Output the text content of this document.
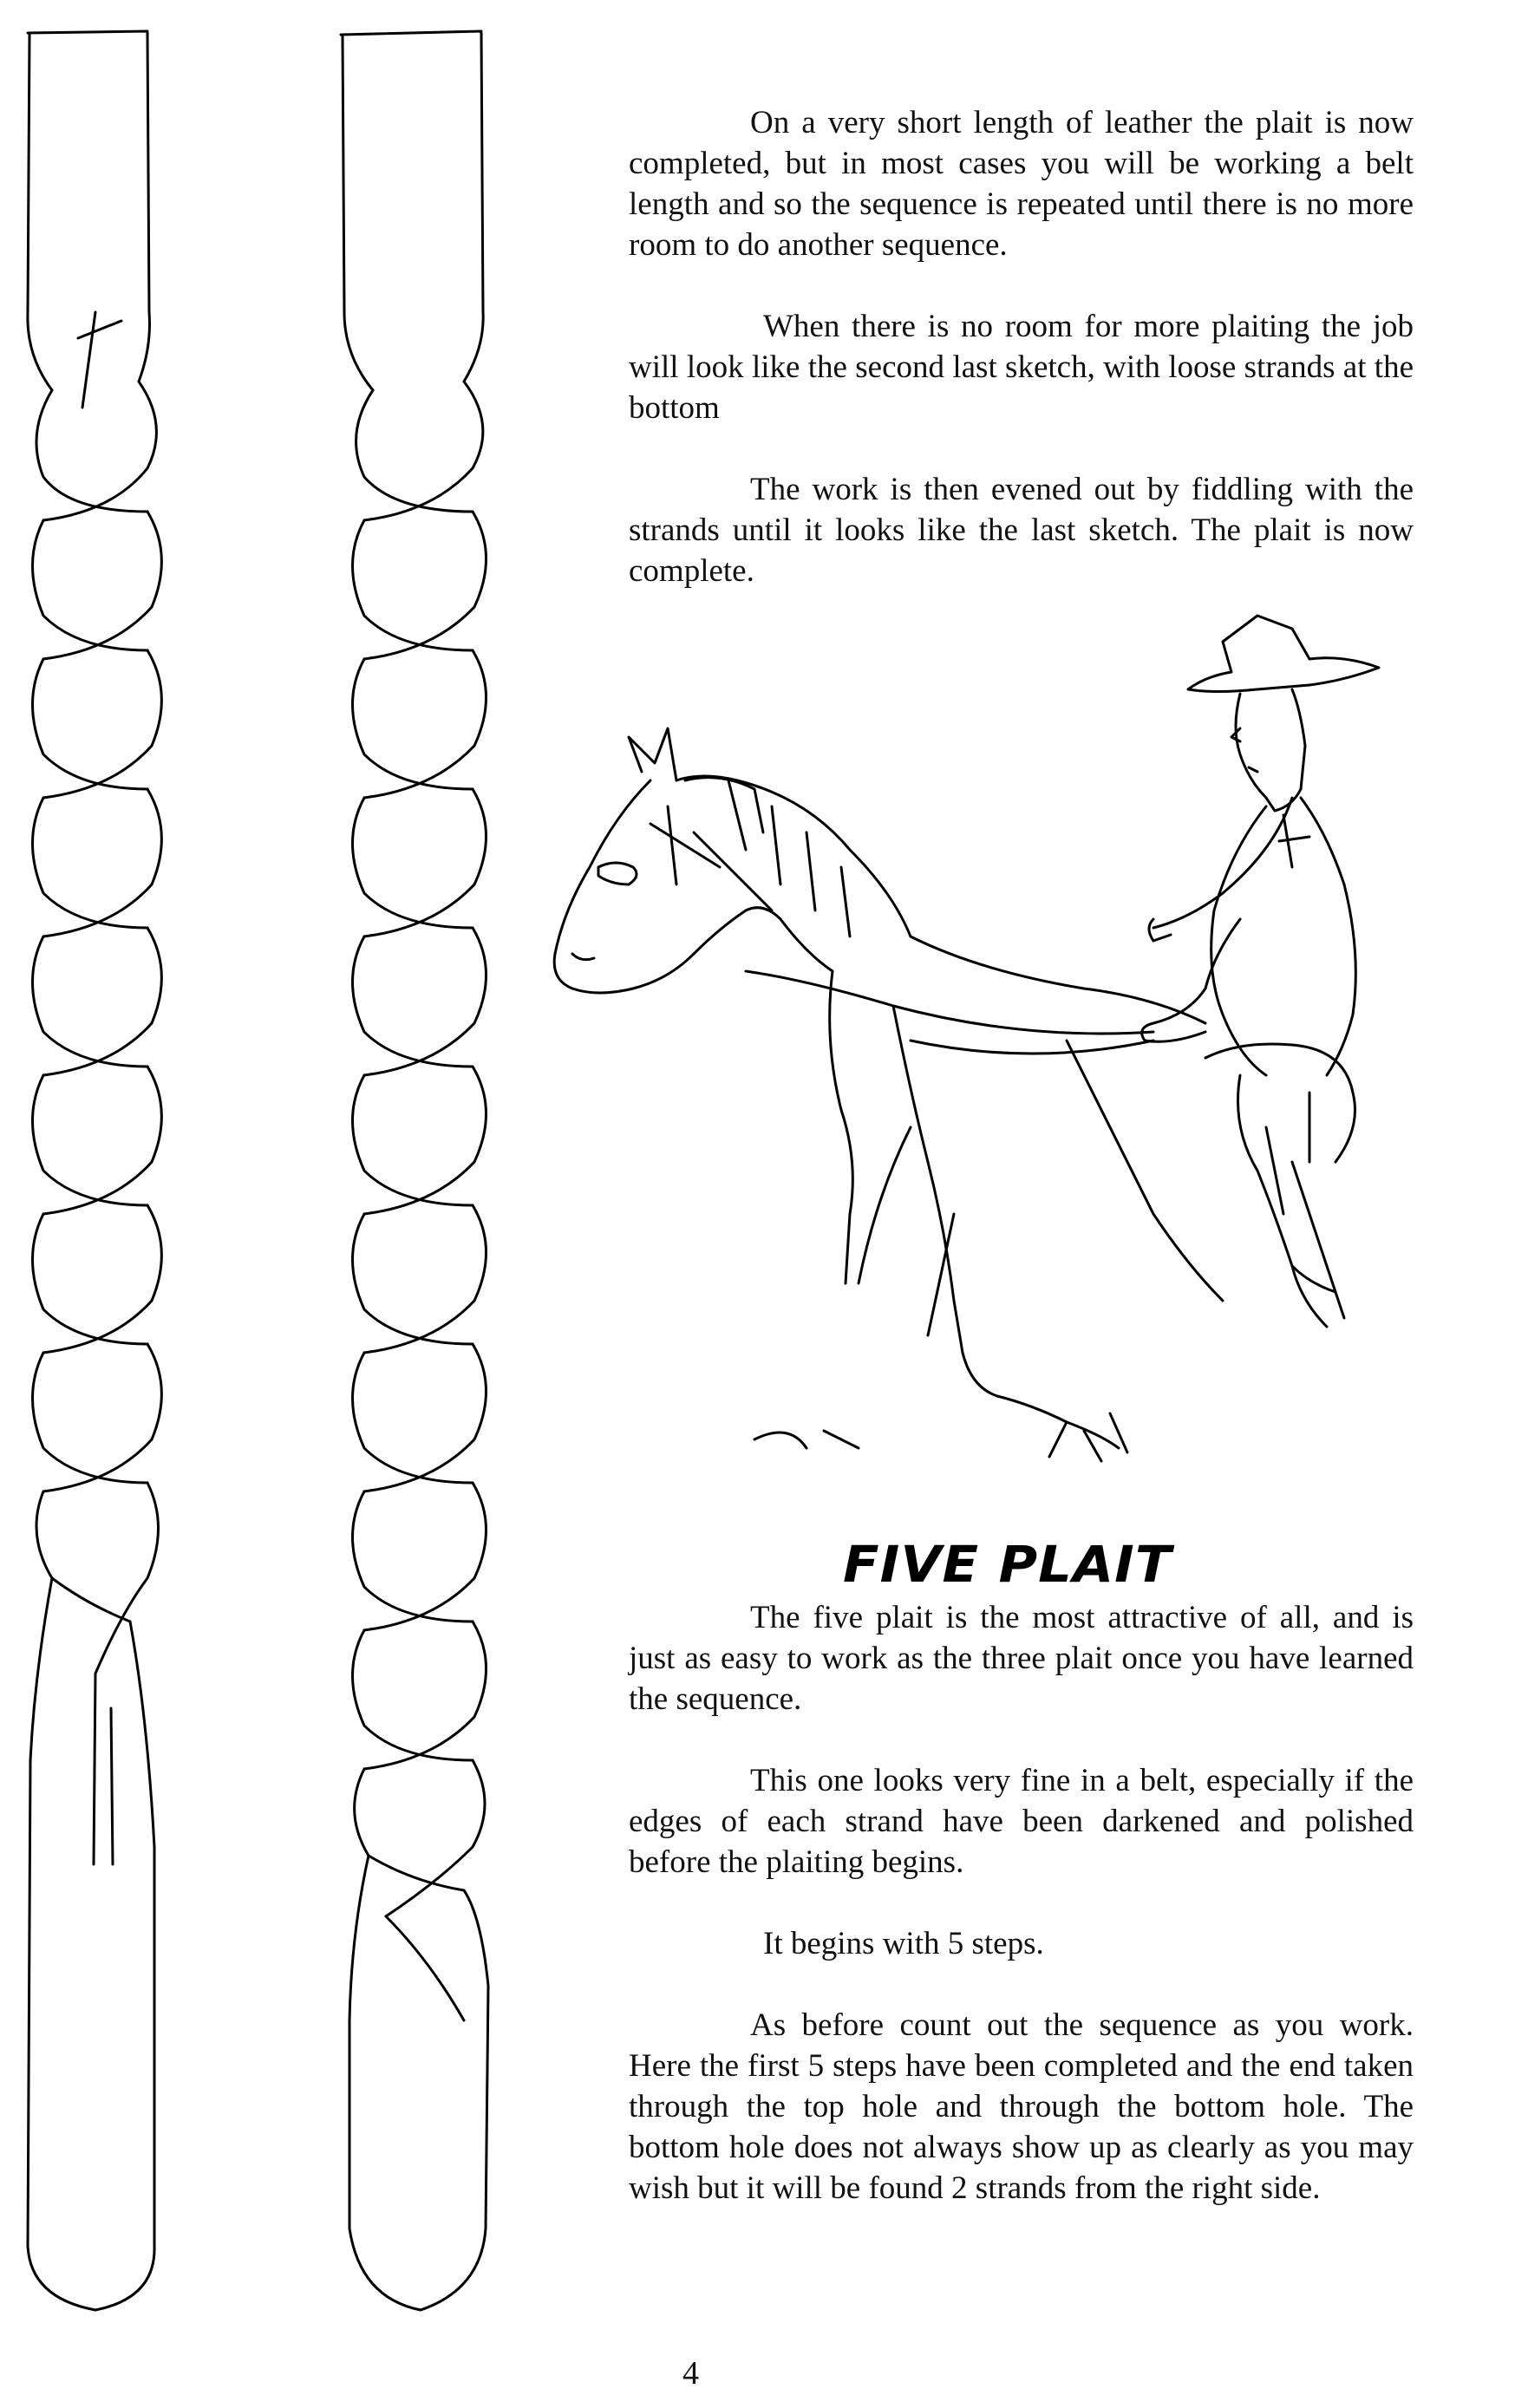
On a very short length of leather the plait is now completed, but in most cases you will be working a belt length and so the sequence is repeated until there is no more room to do another sequence.

When there is no room for more plaiting the job will look like the second last sketch, with loose strands at the bottom

The work is then evened out by fiddling with the strands until it looks like the last sketch. The plait is now complete.

FIVE PLAIT

The five plait is the most attractive of all, and is just as easy to work as the three plait once you have learned the sequence.

This one looks very fine in a belt, especially if the edges of each strand have been darkened and polished before the plaiting begins.

It begins with 5 steps.

As before count out the sequence as you work. Here the first 5 steps have been completed and the end taken through the top hole and through the bottom hole. The bottom hole does not always show up as clearly as you may wish but it will be found 2 strands from the right side.

4
